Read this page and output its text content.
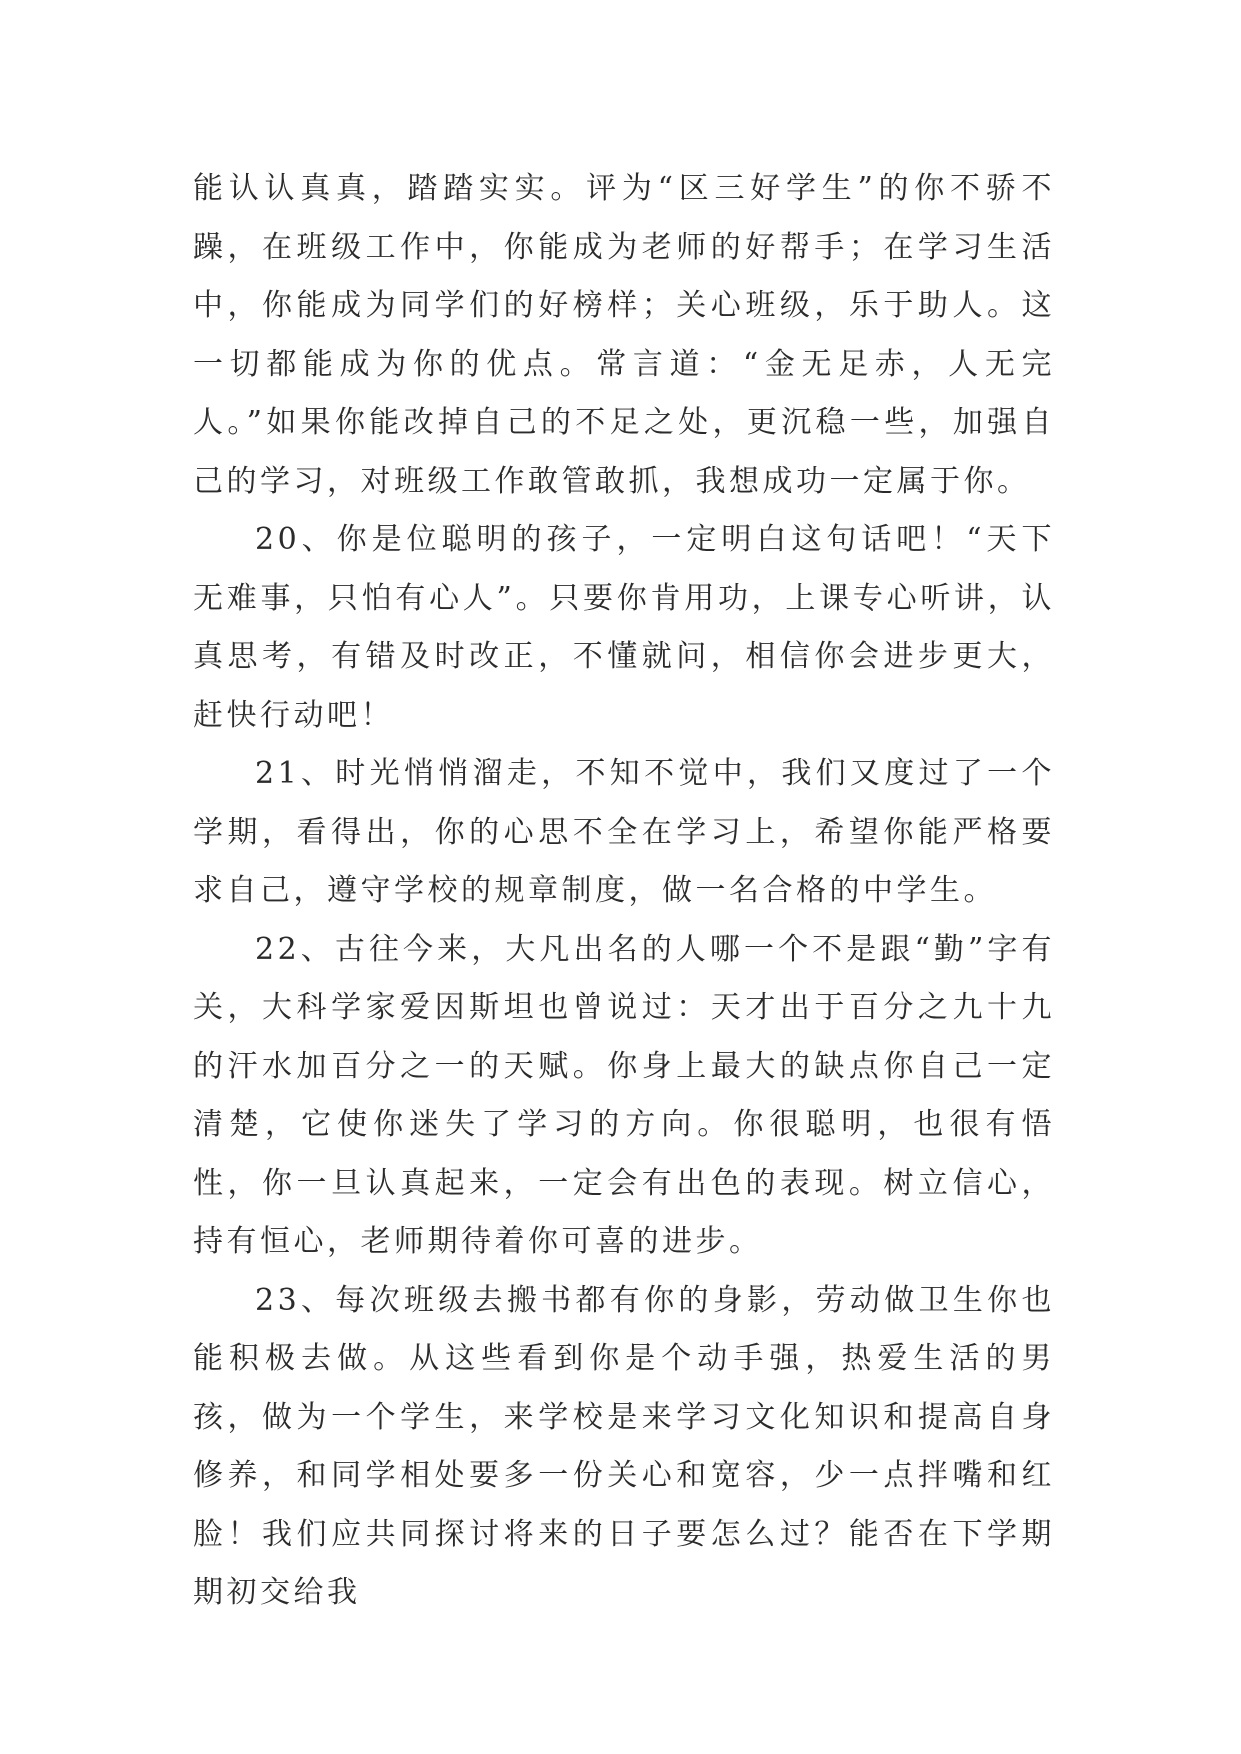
能认认真真，踏踏实实。评为“区三好学生”的你不骄不躁，在班级工作中，你能成为老师的好帮手；在学习生活中，你能成为同学们的好榜样；关心班级，乐于助人。这一切都能成为你的优点。常言道：“金无足赤，人无完人。”如果你能改掉自己的不足之处，更沉稳一些，加强自己的学习，对班级工作敢管敢抓，我想成功一定属于你。

20、你是位聪明的孩子，一定明白这句话吧！“天下无难事，只怕有心人”。只要你肯用功，上课专心听讲，认真思考，有错及时改正，不懂就问，相信你会进步更大，赶快行动吧！

21、时光悄悄溜走，不知不觉中，我们又度过了一个学期，看得出，你的心思不全在学习上，希望你能严格要求自己，遵守学校的规章制度，做一名合格的中学生。

22、古往今来，大凡出名的人哪一个不是跟“勤”字有关，大科学家爱因斯坦也曾说过：天才出于百分之九十九的汗水加百分之一的天赋。你身上最大的缺点你自己一定清楚，它使你迷失了学习的方向。你很聪明，也很有悟性，你一旦认真起来，一定会有出色的表现。树立信心，持有恒心，老师期待着你可喜的进步。

23、每次班级去搬书都有你的身影，劳动做卫生你也能积极去做。从这些看到你是个动手强，热爱生活的男孩，做为一个学生，来学校是来学习文化知识和提高自身修养，和同学相处要多一份关心和宽容，少一点拌嘴和红脸！我们应共同探讨将来的日子要怎么过？能否在下学期期初交给我
